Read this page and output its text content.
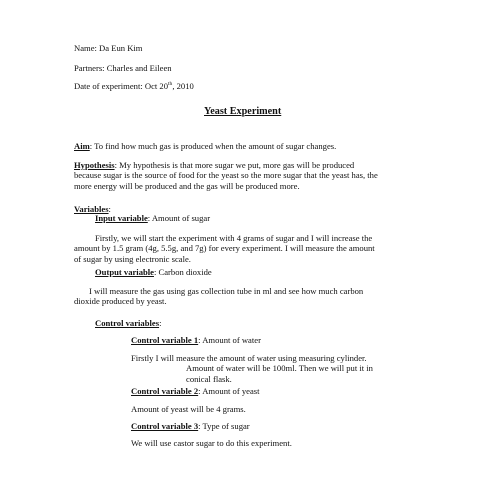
Name: Da Eun Kim
Partners: Charles and Eileen
Date of experiment: Oct 20th, 2010
Yeast Experiment
Aim: To find how much gas is produced when the amount of sugar changes.
Hypothesis: My hypothesis is that more sugar we put, more gas will be produced
because sugar is the source of food for the yeast so the more sugar that the yeast has, the
more energy will be produced and the gas will be produced more.
Variables:
Input variable: Amount of sugar
Firstly, we will start the experiment with 4 grams of sugar and I will increase the
amount by 1.5 gram (4g, 5.5g, and 7g) for every experiment. I will measure the amount
of sugar by using electronic scale.
Output variable: Carbon dioxide
I will measure the gas using gas collection tube in ml and see how much carbon
dioxide produced by yeast.
Control variables:
Control variable 1: Amount of water
Firstly I will measure the amount of water using measuring cylinder.
Amount of water will be 100ml. Then we will put it in
conical flask.
Control variable 2: Amount of yeast
Amount of yeast will be 4 grams.
Control variable 3: Type of sugar
We will use castor sugar to do this experiment.
